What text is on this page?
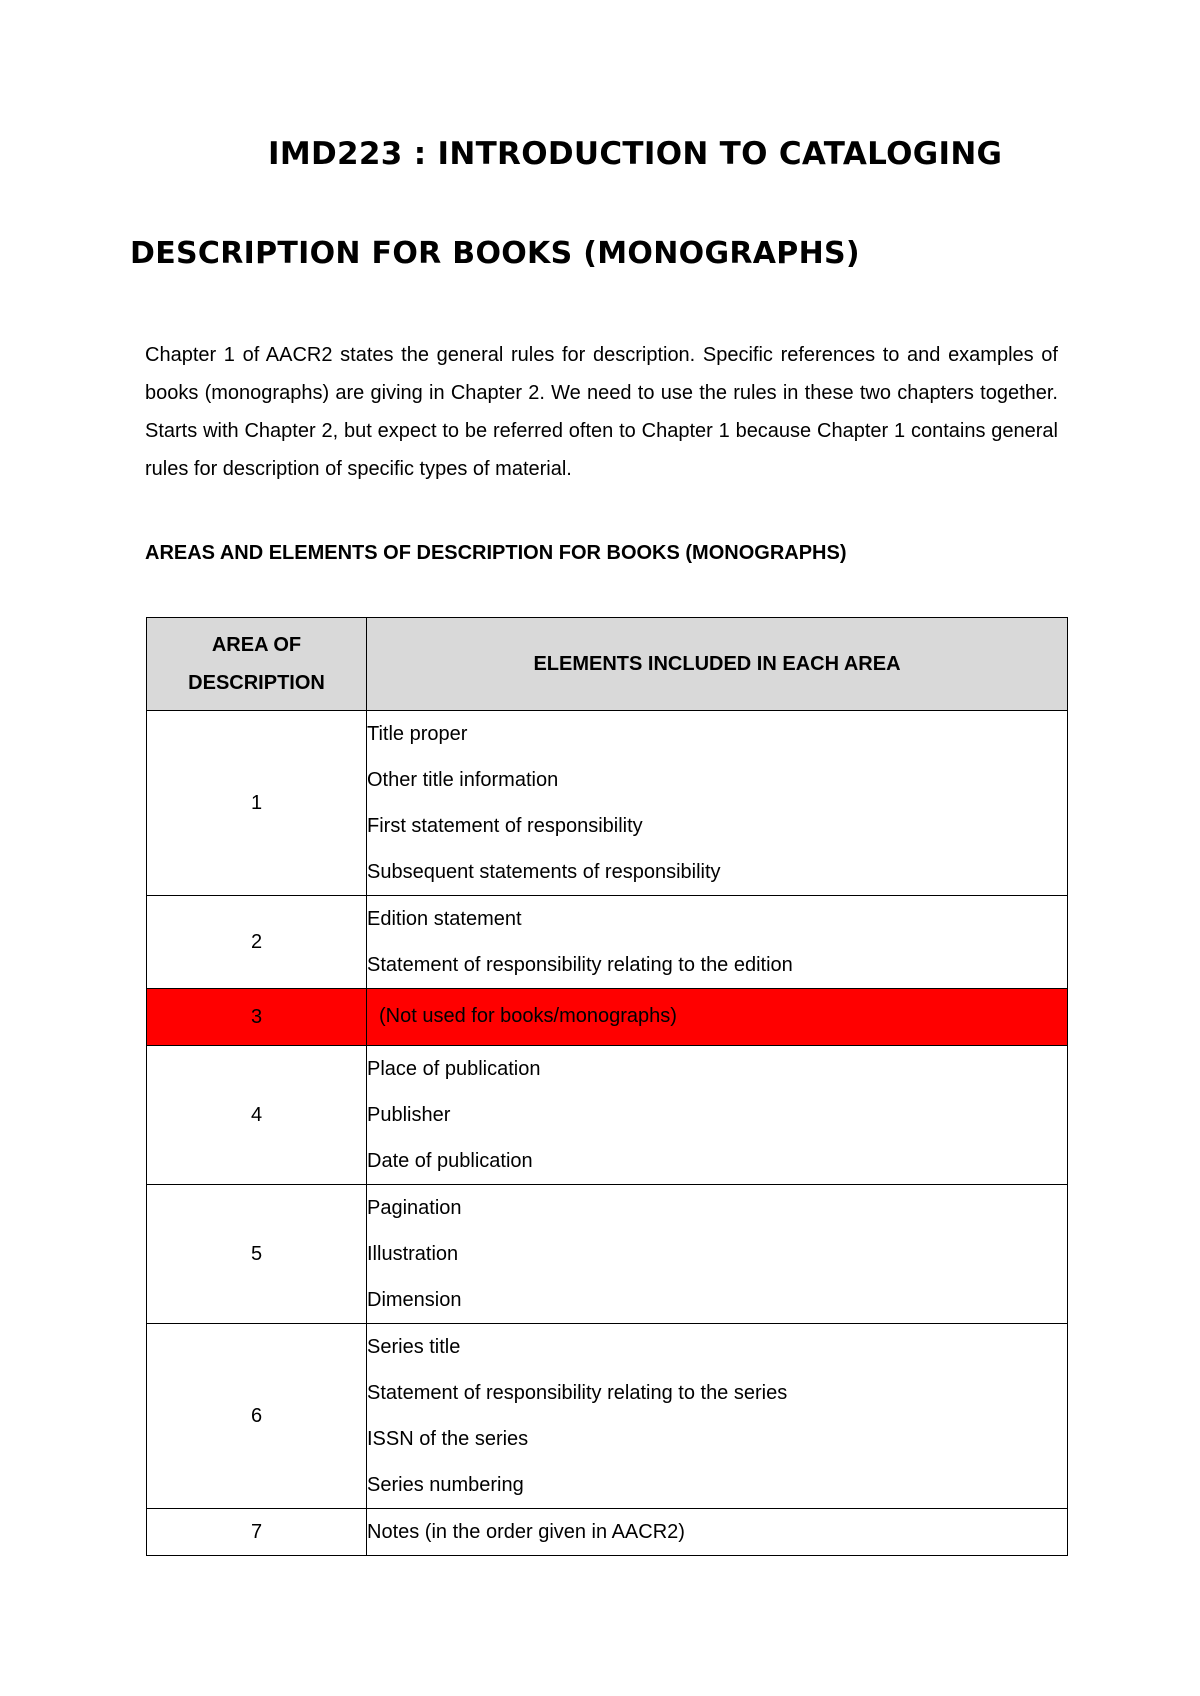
IMD223 : INTRODUCTION TO CATALOGING
DESCRIPTION FOR BOOKS (MONOGRAPHS)

Chapter 1 of AACR2 states the general rules for description. Specific references to and examples of books (monographs) are giving in Chapter 2. We need to use the rules in these two chapters together. Starts with Chapter 2, but expect to be referred often to Chapter 1 because Chapter 1 contains general rules for description of specific types of material.

AREAS AND ELEMENTS OF DESCRIPTION FOR BOOKS (MONOGRAPHS)

AREA OF DESCRIPTION	ELEMENTS INCLUDED IN EACH AREA
1	Title proper
Other title information
First statement of responsibility
Subsequent statements of responsibility

2	Edition statement
Statement of responsibility relating to the edition

3	(Not used for books/monographs)

4	Place of publication
Publisher
Date of publication

5	Pagination
Illustration
Dimension

6	Series title
Statement of responsibility relating to the series
ISSN of the series
Series numbering

7	Notes (in the order given in AACR2)
